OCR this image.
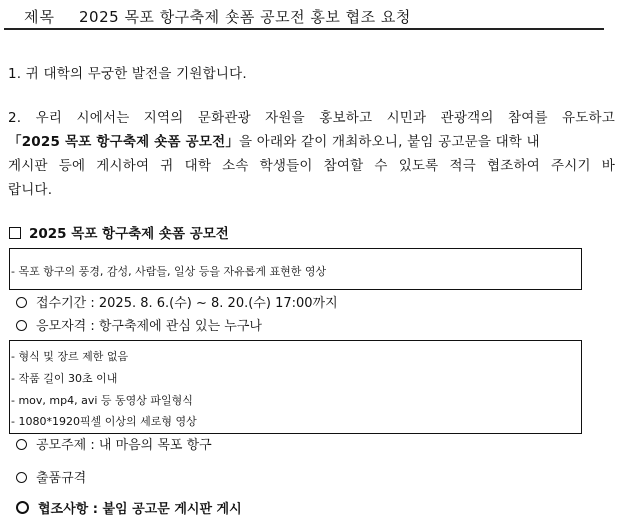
제목 2025 목포 항구축제 숏폼 공모전 홍보 협조 요청
1. 귀 대학의 무궁한 발전을 기원합니다.
2. 우리 시에서는 지역의 문화관광 자원을 홍보하고 시민과 관광객의 참여를 유도하고
「2025 목포 항구축제 숏폼 공모전」을 아래와 같이 개최하오니, 붙임 공고문을 대학 내
게시판 등에 게시하여 귀 대학 소속 학생들이 참여할 수 있도록 적극 협조하여 주시기 바
랍니다.
2025 목포 항구축제 숏폼 공모전
- 목포 항구의 풍경, 감성, 사람들, 일상 등을 자유롭게 표현한 영상
접수기간 : 2025. 8. 6.(수) ~ 8. 20.(수) 17:00까지
응모자격 : 항구축제에 관심 있는 누구나
- 형식 및 장르 제한 없음
- 작품 길이 30초 이내
- mov, mp4, avi 등 동영상 파일형식
- 1080*1920픽셀 이상의 세로형 영상
공모주제 : 내 마음의 목포 항구
출품규격
협조사항 : 붙임 공고문 게시판 게시
